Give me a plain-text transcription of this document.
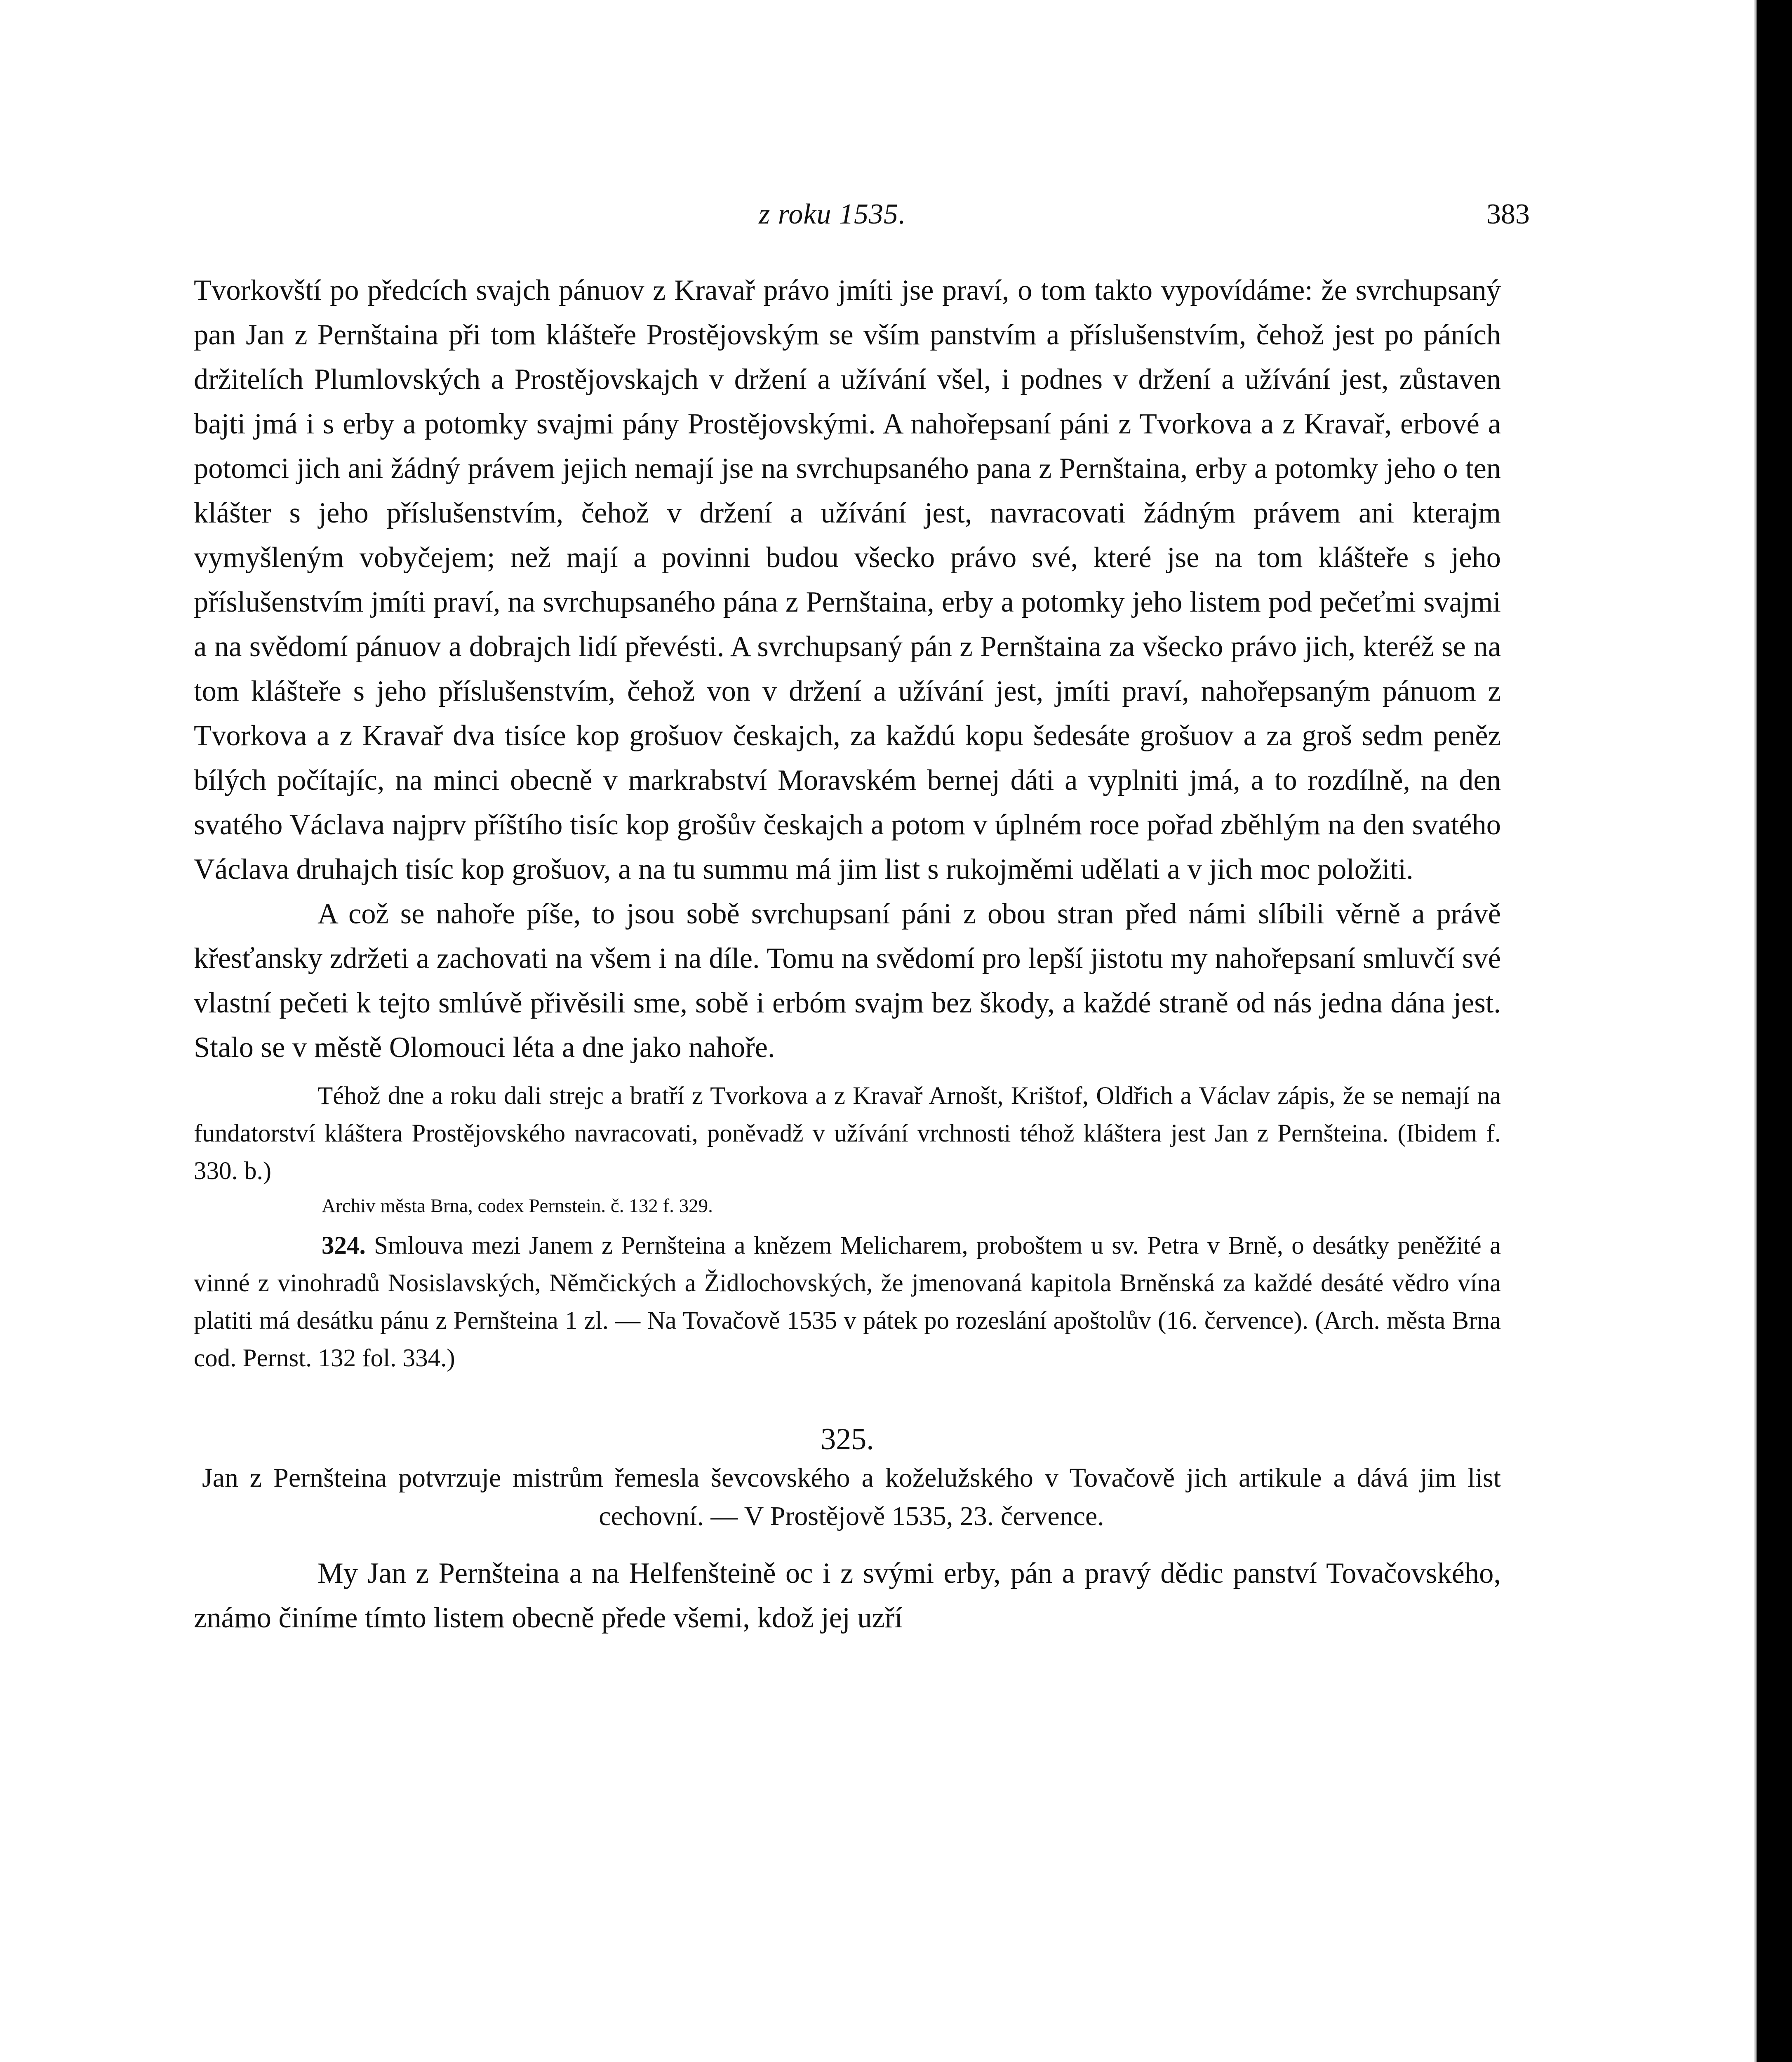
z roku 1535.	383

Tvorkovští po předcích svajch pánuov z Kravař právo jmíti jse praví, o tom takto vypovídáme: že svrchupsaný pan Jan z Pernštaina při tom klášteře Prostějovským se vším panstvím a příslušenstvím, čehož jest po páních držitelích Plumlovských a Prostějovskajch v držení a užívání všel, i podnes v držení a užívání jest, zůstaven bajti jmá i s erby a potomky svajmi pány Prostějovskými. A nahořepsaní páni z Tvorkova a z Kravař, erbové a potomci jich ani žádný právem jejich nemají jse na svrchupsaného pana z Pernštaina, erby a potomky jeho o ten klášter s jeho příslušenstvím, čehož v držení a užívání jest, navracovati žádným právem ani kterajm vymyšleným vobyčejem; než mají a povinni budou všecko právo své, které jse na tom klášteře s jeho příslušenstvím jmíti praví, na svrchupsaného pána z Pernštaina, erby a potomky jeho listem pod pečeťmi svajmi a na svědomí pánuov a dobrajch lidí převésti. A svrchupsaný pán z Pernštaina za všecko právo jich, kteréž se na tom klášteře s jeho příslušenstvím, čehož von v držení a užívání jest, jmíti praví, nahořepsaným pánuom z Tvorkova a z Kravař dva tisíce kop grošuov českajch, za každú kopu šedesáte grošuov a za groš sedm peněz bílých počítajíc, na minci obecně v markrabství Moravském bernej dáti a vyplniti jmá, a to rozdílně, na den svatého Václava najprv příštího tisíc kop grošův českajch a potom v úplném roce pořad zběhlým na den svatého Václava druhajch tisíc kop grošuov, a na tu summu má jim list s rukojměmi udělati a v jich moc položiti.

A což se nahoře píše, to jsou sobě svrchupsaní páni z obou stran před námi slíbili věrně a právě křesťansky zdržeti a zachovati na všem i na díle. Tomu na svědomí pro lepší jistotu my nahořepsaní smluvčí své vlastní pečeti k tejto smlúvě přivěsili sme, sobě i erbóm svajm bez škody, a každé straně od nás jedna dána jest. Stalo se v městě Olomouci léta a dne jako nahoře.

Téhož dne a roku dali strejc a bratří z Tvorkova a z Kravař Arnošt, Krištof, Oldřich a Václav zápis, že se nemají na fundatorství kláštera Prostějovského navracovati, poněvadž v užívání vrchnosti téhož kláštera jest Jan z Pernšteina. (Ibidem f. 330. b.)

Archiv města Brna, codex Pernstein. č. 132 f. 329.

324. Smlouva mezi Janem z Pernšteina a knězem Melicharem, proboštem u sv. Petra v Brně, o desátky peněžité a vinné z vinohradů Nosislavských, Němčických a Židlochovských, že jmenovaná kapitola Brněnská za každé desáté vědro vína platiti má desátku pánu z Pernšteina 1 zl. — Na Tovačově 1535 v pátek po rozeslání apoštolův (16. července). (Arch. města Brna cod. Pernst. 132 fol. 334.)

325.

Jan z Pernšteina potvrzuje mistrům řemesla ševcovského a koželužského v Tovačově jich artikule a dává jim list cechovní. — V Prostějově 1535, 23. července.

My Jan z Pernšteina a na Helfenšteině oc i z svými erby, pán a pravý dědic panství Tovačovského, známo činíme tímto listem obecně přede všemi, kdož jej uzří
